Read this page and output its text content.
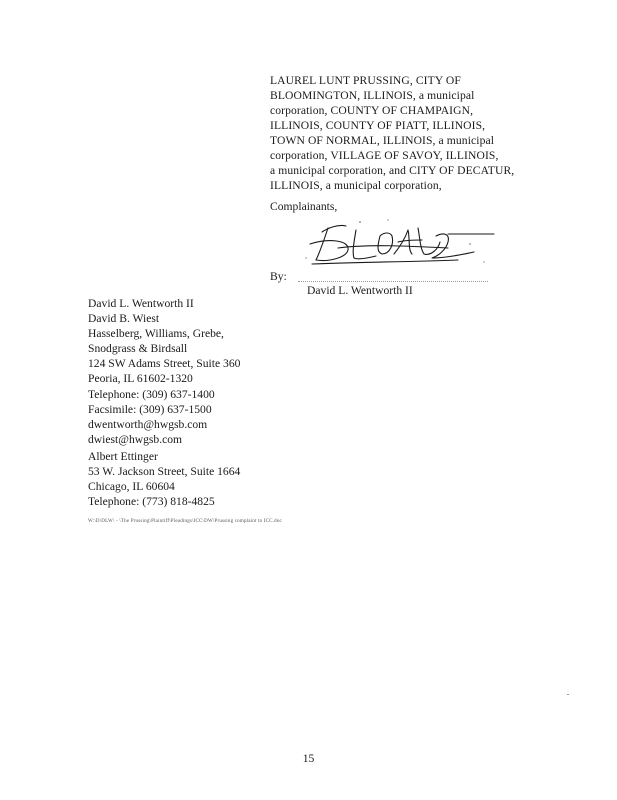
LAUREL LUNT PRUSSING, CITY OF
BLOOMINGTON, ILLINOIS, a municipal
corporation, COUNTY OF CHAMPAIGN,
ILLINOIS, COUNTY OF PIATT, ILLINOIS,
TOWN OF NORMAL, ILLINOIS, a municipal
corporation, VILLAGE OF SAVOY, ILLINOIS,
a municipal corporation, and CITY OF DECATUR,
ILLINOIS, a municipal corporation,
Complainants,
By:
David L. Wentworth II
David L. Wentworth II
David B. Wiest
Hasselberg, Williams, Grebe,
Snodgrass & Birdsall
124 SW Adams Street, Suite 360
Peoria, IL 61602-1320
Telephone: (309) 637-1400
Facsimile: (309) 637-1500
dwentworth@hwgsb.com
dwiest@hwgsb.com
Albert Ettinger
53 W. Jackson Street, Suite 1664
Chicago, IL 60604
Telephone: (773) 818-4825
W:\D\DLW\ - \The Prussing\Plaintiff\Pleadings\ICC\DW\Prussing complaint to ICC.doc
15
